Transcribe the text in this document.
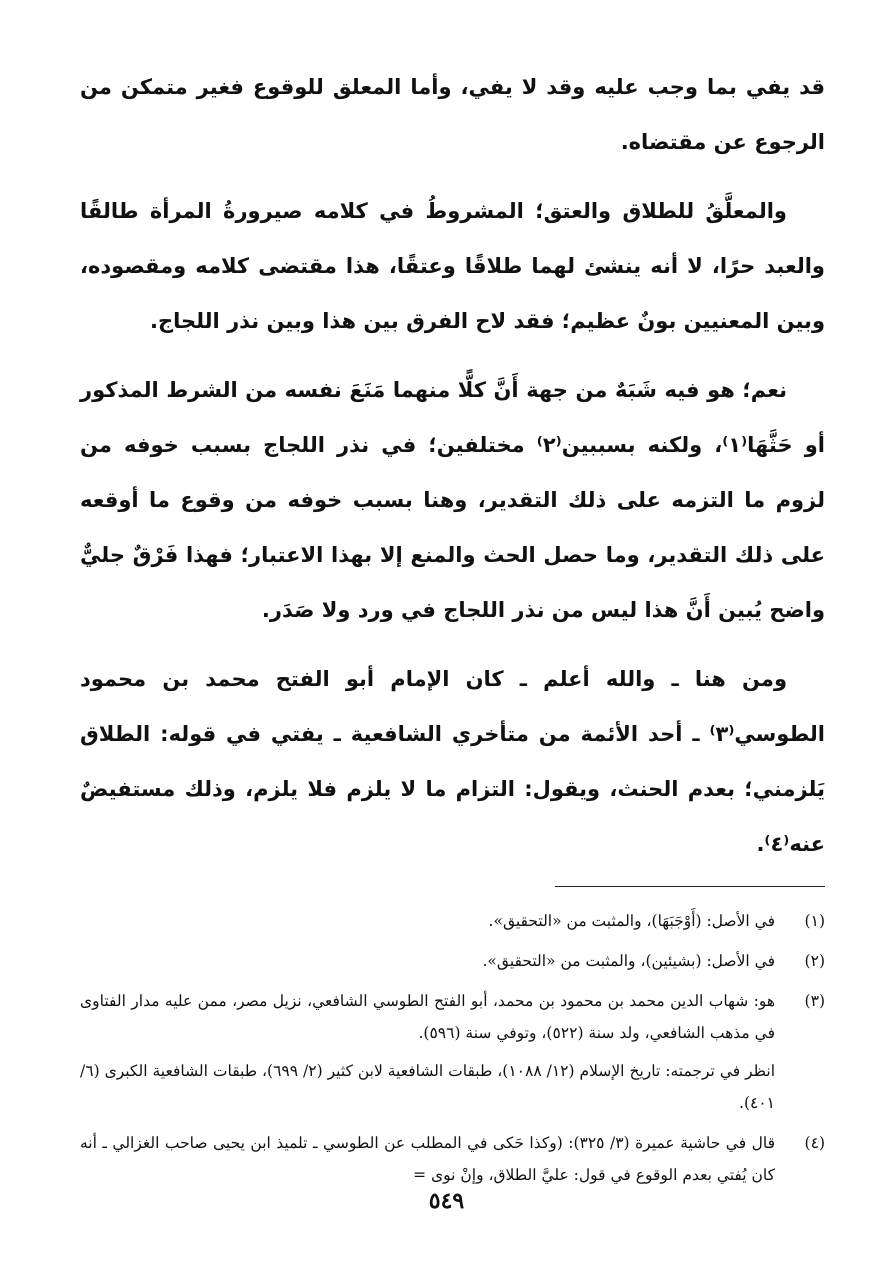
قد يفي بما وجب عليه وقد لا يفي، وأما المعلق للوقوع فغير متمكن من الرجوع عن مقتضاه.

والمعلَّقُ للطلاق والعتق؛ المشروطُ في كلامه صيرورةُ المرأة طالقًا والعبد حرًا، لا أنه ينشئ لهما طلاقًا وعتقًا، هذا مقتضى كلامه ومقصوده، وبين المعنيين بونٌ عظيم؛ فقد لاح الفرق بين هذا وبين نذر اللجاج.

نعم؛ هو فيه شَبَهٌ من جهة أَنَّ كلًّا منهما مَنَعَ نفسه من الشرط المذكور أو حَثَّهَا⁽١⁾، ولكنه بسببين⁽٢⁾ مختلفين؛ في نذر اللجاج بسبب خوفه من لزوم ما التزمه على ذلك التقدير، وهنا بسبب خوفه من وقوع ما أوقعه على ذلك التقدير، وما حصل الحث والمنع إلا بهذا الاعتبار؛ فهذا فَرْقٌ جليٌّ واضح يُبين أَنَّ هذا ليس من نذر اللجاج في ورد ولا صَدَر.

ومن هنا ـ والله أعلم ـ كان الإمام أبو الفتح محمد بن محمود الطوسي⁽٣⁾ ـ أحد الأئمة من متأخري الشافعية ـ يفتي في قوله: الطلاق يَلزمني؛ بعدم الحنث، ويقول: التزام ما لا يلزم فلا يلزم، وذلك مستفيضٌ عنه⁽٤⁾.

(١)
في الأصل: (أَوْجَبَهَا)، والمثبت من «التحقيق».
(٢)
في الأصل: (بشيئين)، والمثبت من «التحقيق».
(٣)
هو: شهاب الدين محمد بن محمود بن محمد، أبو الفتح الطوسي الشافعي، نزيل مصر، ممن عليه مدار الفتاوى في مذهب الشافعي، ولد سنة (٥٢٢)، وتوفي سنة (٥٩٦).
انظر في ترجمته: تاريخ الإسلام (١٢/ ١٠٨٨)، طبقات الشافعية لابن كثير (٢/ ٦٩٩)، طبقات الشافعية الكبرى (٦/ ٤٠١).
(٤)
قال في حاشية عميرة (٣/ ٣٢٥): (وكذا حَكى في المطلب عن الطوسي ـ تلميذ ابن يحيى صاحب الغزالي ـ أنه كان يُفتي بعدم الوقوع في قول: عليَّ الطلاق، وإنْ نوى =
٥٤٩
